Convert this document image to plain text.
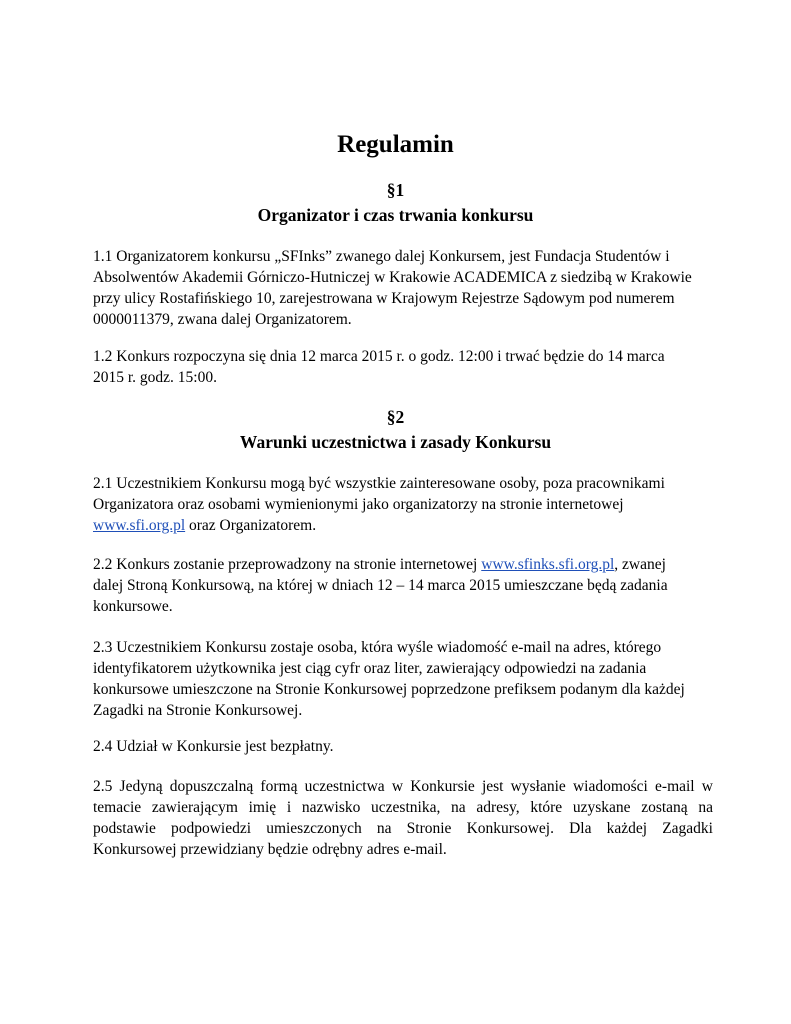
Regulamin
§1
Organizator i czas trwania konkursu
1.1 Organizatorem konkursu „SFInks” zwanego dalej Konkursem, jest Fundacja Studentów i
Absolwentów Akademii Górniczo-Hutniczej w Krakowie ACADEMICA z siedzibą w Krakowie
przy ulicy Rostafińskiego 10, zarejestrowana w Krajowym Rejestrze Sądowym pod numerem
0000011379, zwana dalej Organizatorem.
1.2 Konkurs rozpoczyna się dnia 12 marca 2015 r. o godz. 12:00 i trwać będzie do 14 marca
2015 r. godz. 15:00.
§2
Warunki uczestnictwa i zasady Konkursu
2.1 Uczestnikiem Konkursu mogą być wszystkie zainteresowane osoby, poza pracownikami
Organizatora oraz osobami wymienionymi jako organizatorzy na stronie internetowej
www.sfi.org.pl oraz Organizatorem.
2.2 Konkurs zostanie przeprowadzony na stronie internetowej www.sfinks.sfi.org.pl, zwanej
dalej Stroną Konkursową, na której w dniach 12 – 14 marca 2015 umieszczane będą zadania
konkursowe.
2.3 Uczestnikiem Konkursu zostaje osoba, która wyśle wiadomość e-mail na adres, którego
identyfikatorem użytkownika jest ciąg cyfr oraz liter, zawierający odpowiedzi na zadania
konkursowe umieszczone na Stronie Konkursowej poprzedzone prefiksem podanym dla każdej
Zagadki na Stronie Konkursowej.
2.4 Udział w Konkursie jest bezpłatny.
2.5 Jedyną dopuszczalną formą uczestnictwa w Konkursie jest wysłanie wiadomości e-mail w
temacie zawierającym imię i nazwisko uczestnika, na adresy, które uzyskane zostaną na
podstawie podpowiedzi umieszczonych na Stronie Konkursowej. Dla każdej Zagadki
Konkursowej przewidziany będzie odrębny adres e-mail.
